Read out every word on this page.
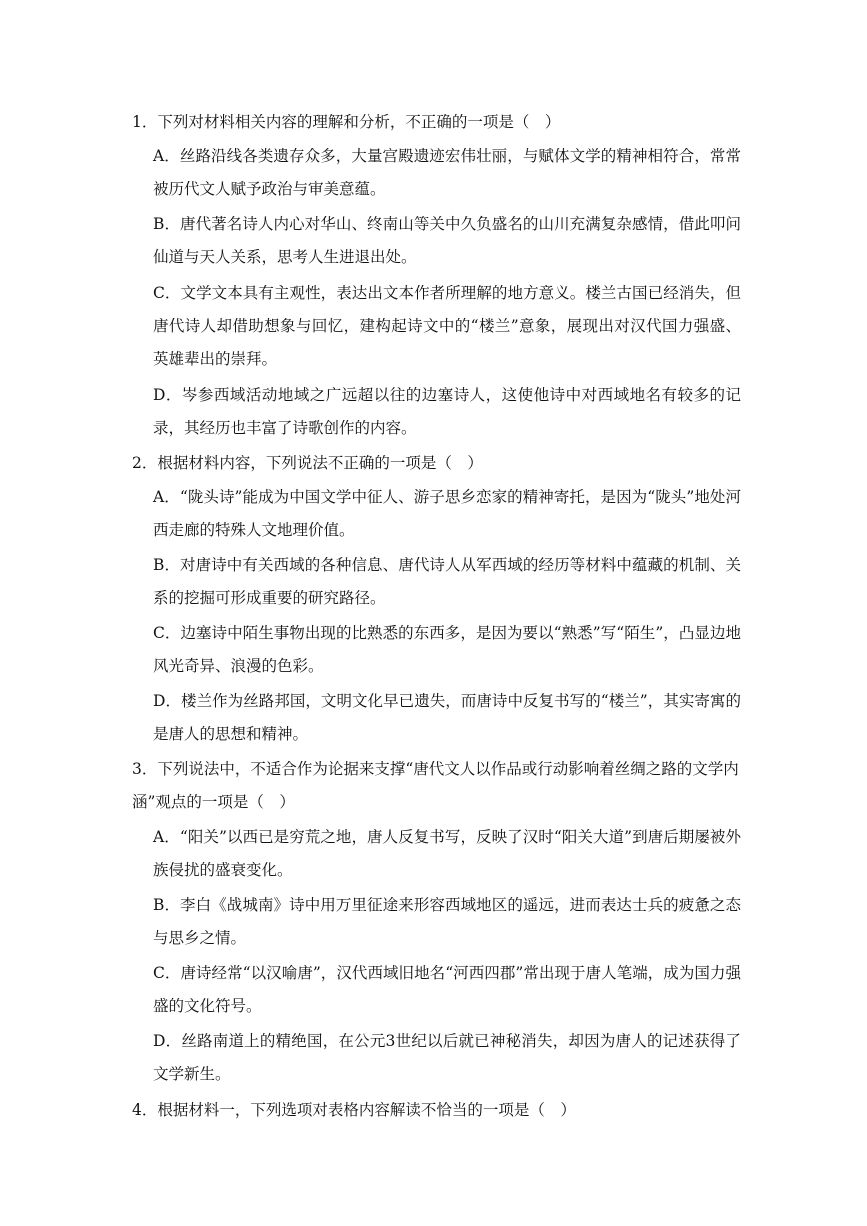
1．下列对材料相关内容的理解和分析，不正确的一项是（　）
A．丝路沿线各类遗存众多，大量宫殿遗迹宏伟壮丽，与赋体文学的精神相符合，常常被历代文人赋予政治与审美意蕴。
B．唐代著名诗人内心对华山、终南山等关中久负盛名的山川充满复杂感情，借此叩问仙道与天人关系，思考人生进退出处。
C．文学文本具有主观性，表达出文本作者所理解的地方意义。楼兰古国已经消失，但唐代诗人却借助想象与回忆，建构起诗文中的“楼兰”意象，展现出对汉代国力强盛、英雄辈出的崇拜。
D．岑参西域活动地域之广远超以往的边塞诗人，这使他诗中对西域地名有较多的记录，其经历也丰富了诗歌创作的内容。
2．根据材料内容，下列说法不正确的一项是（　）
A．“陇头诗”能成为中国文学中征人、游子思乡恋家的精神寄托，是因为“陇头”地处河西走廊的特殊人文地理价值。
B．对唐诗中有关西域的各种信息、唐代诗人从军西域的经历等材料中蕴藏的机制、关系的挖掘可形成重要的研究路径。
C．边塞诗中陌生事物出现的比熟悉的东西多，是因为要以“熟悉”写“陌生”，凸显边地风光奇异、浪漫的色彩。
D．楼兰作为丝路邦国，文明文化早已遗失，而唐诗中反复书写的“楼兰”，其实寄寓的是唐人的思想和精神。
3．下列说法中，不适合作为论据来支撑“唐代文人以作品或行动影响着丝绸之路的文学内涵”观点的一项是（　）
A．“阳关”以西已是穷荒之地，唐人反复书写，反映了汉时“阳关大道”到唐后期屡被外族侵扰的盛衰变化。
B．李白《战城南》诗中用万里征途来形容西域地区的遥远，进而表达士兵的疲惫之态与思乡之情。
C．唐诗经常“以汉喻唐”，汉代西域旧地名“河西四郡”常出现于唐人笔端，成为国力强盛的文化符号。
D．丝路南道上的精绝国，在公元3世纪以后就已神秘消失，却因为唐人的记述获得了文学新生。
4．根据材料一，下列选项对表格内容解读不恰当的一项是（　）
